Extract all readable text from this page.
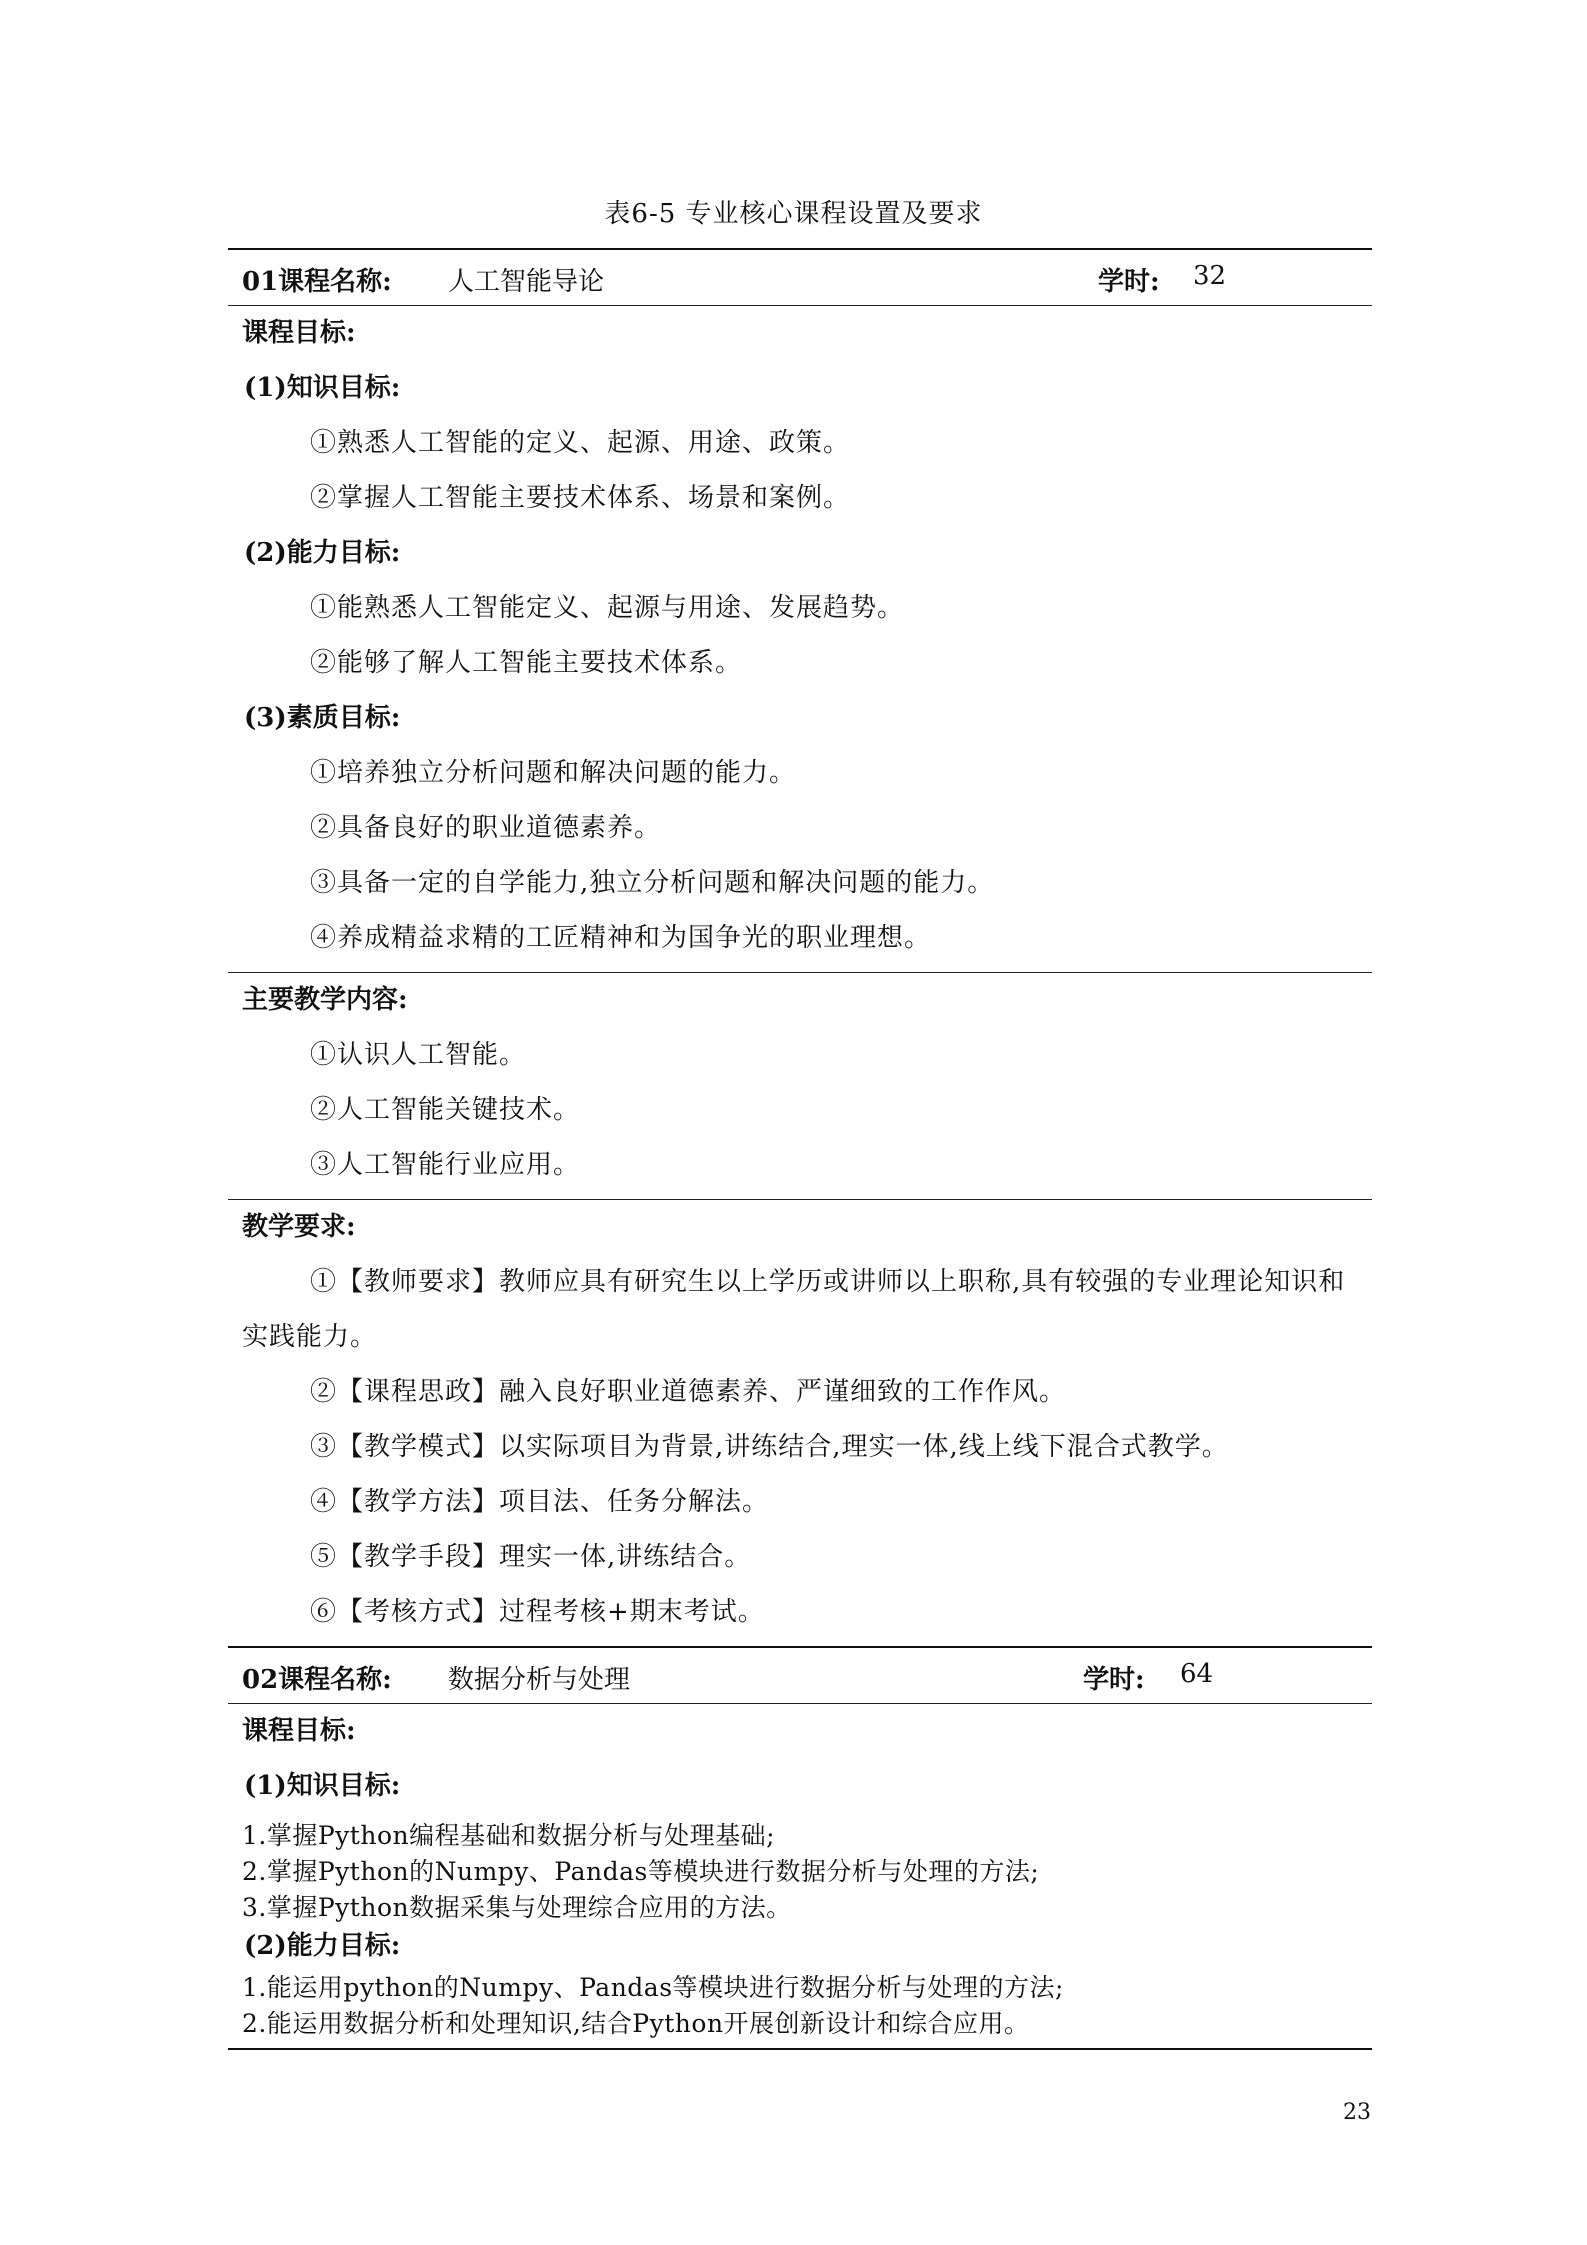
表6-5 专业核心课程设置及要求
01课程名称: 人工智能导论	学时: 32
课程目标:
(1)知识目标:
①熟悉人工智能的定义、起源、用途、政策。
②掌握人工智能主要技术体系、场景和案例。
(2)能力目标:
①能熟悉人工智能定义、起源与用途、发展趋势。
②能够了解人工智能主要技术体系。
(3)素质目标:
①培养独立分析问题和解决问题的能力。
②具备良好的职业道德素养。
③具备一定的自学能力,独立分析问题和解决问题的能力。
④养成精益求精的工匠精神和为国争光的职业理想。
主要教学内容:
①认识人工智能。
②人工智能关键技术。
③人工智能行业应用。
教学要求:
①【教师要求】教师应具有研究生以上学历或讲师以上职称,具有较强的专业理论知识和实践能力。
②【课程思政】融入良好职业道德素养、严谨细致的工作作风。
③【教学模式】以实际项目为背景,讲练结合,理实一体,线上线下混合式教学。
④【教学方法】项目法、任务分解法。
⑤【教学手段】理实一体,讲练结合。
⑥【考核方式】过程考核+期末考试。
02课程名称: 数据分析与处理	学时: 64
课程目标:
(1)知识目标:
1.掌握Python编程基础和数据分析与处理基础;
2.掌握Python的Numpy、Pandas等模块进行数据分析与处理的方法;
3.掌握Python数据采集与处理综合应用的方法。
(2)能力目标:
1.能运用python的Numpy、Pandas等模块进行数据分析与处理的方法;
2.能运用数据分析和处理知识,结合Python开展创新设计和综合应用。
23
